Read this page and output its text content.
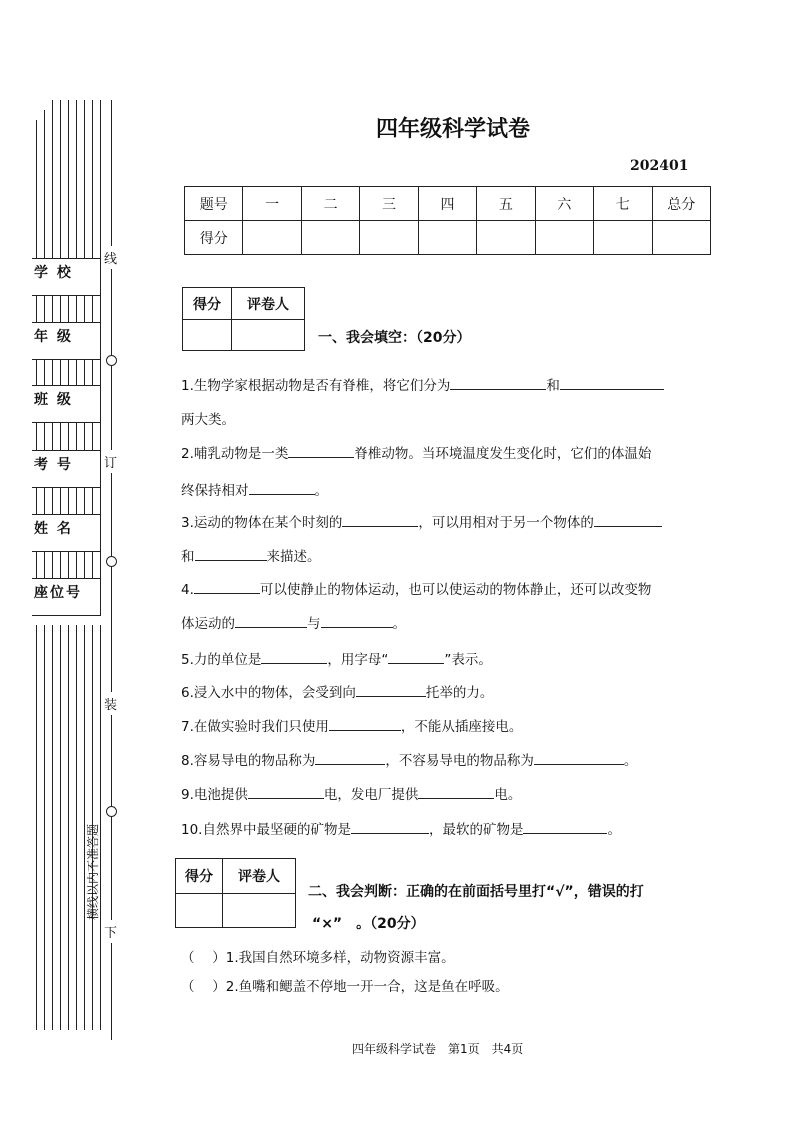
学 校
年 级
班 级
考 号
姓 名
座位号
线
订
装
下
横线以内不准答题
四年级科学试卷
202401
题号	一	二	三	四	五	六	七	总分
得分								
得分	评卷人

一、我会填空：（20分）
1.生物学家根据动物是否有脊椎，将它们分为	和
两大类。
2.哺乳动物是一类	脊椎动物。当环境温度发生变化时，它们的体温始
终保持相对	。
3.运动的物体在某个时刻的	，可以用相对于另一个物体的
和	来描述。
4.	可以使静止的物体运动，也可以使运动的物体静止，还可以改变物
体运动的	与	。
5.力的单位是	，用字母“	”表示。
6.浸入水中的物体，会受到向	托举的力。
7.在做实验时我们只使用	，不能从插座接电。
8.容易导电的物品称为	，不容易导电的物品称为	。
9.电池提供	电，发电厂提供	电。
10.自然界中最坚硬的矿物是	，最软的矿物是	。
得分	评卷人

二、我会判断：正确的在前面括号里打“√”，错误的打
“×”　。（20分）
（　 ）1.我国自然环境多样，动物资源丰富。
（　 ）2.鱼嘴和鳃盖不停地一开一合，这是鱼在呼吸。
四年级科学试卷　第1页　共4页
